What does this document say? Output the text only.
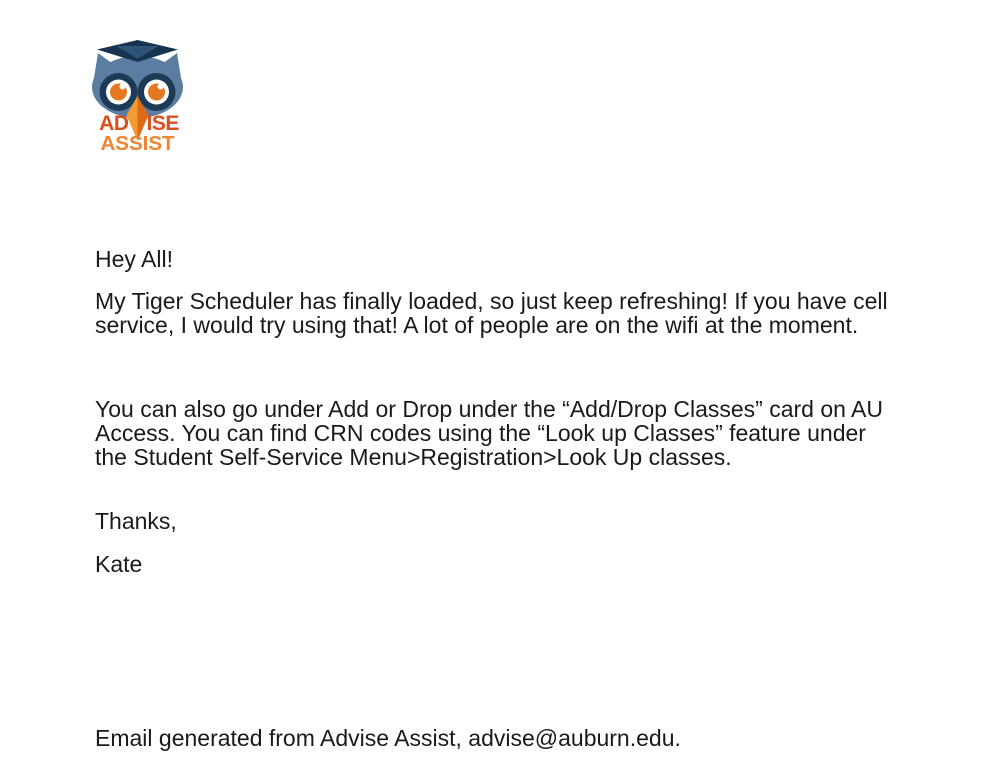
AD ISE
ASSIST
Hey All!
My Tiger Scheduler has finally loaded, so just keep refreshing! If you have cell
service, I would try using that! A lot of people are on the wifi at the moment.
You can also go under Add or Drop under the “Add/Drop Classes” card on AU
Access. You can find CRN codes using the “Look up Classes” feature under
the Student Self-Service Menu>Registration>Look Up classes.
Thanks,
Kate
Email generated from Advise Assist, advise@auburn.edu.
